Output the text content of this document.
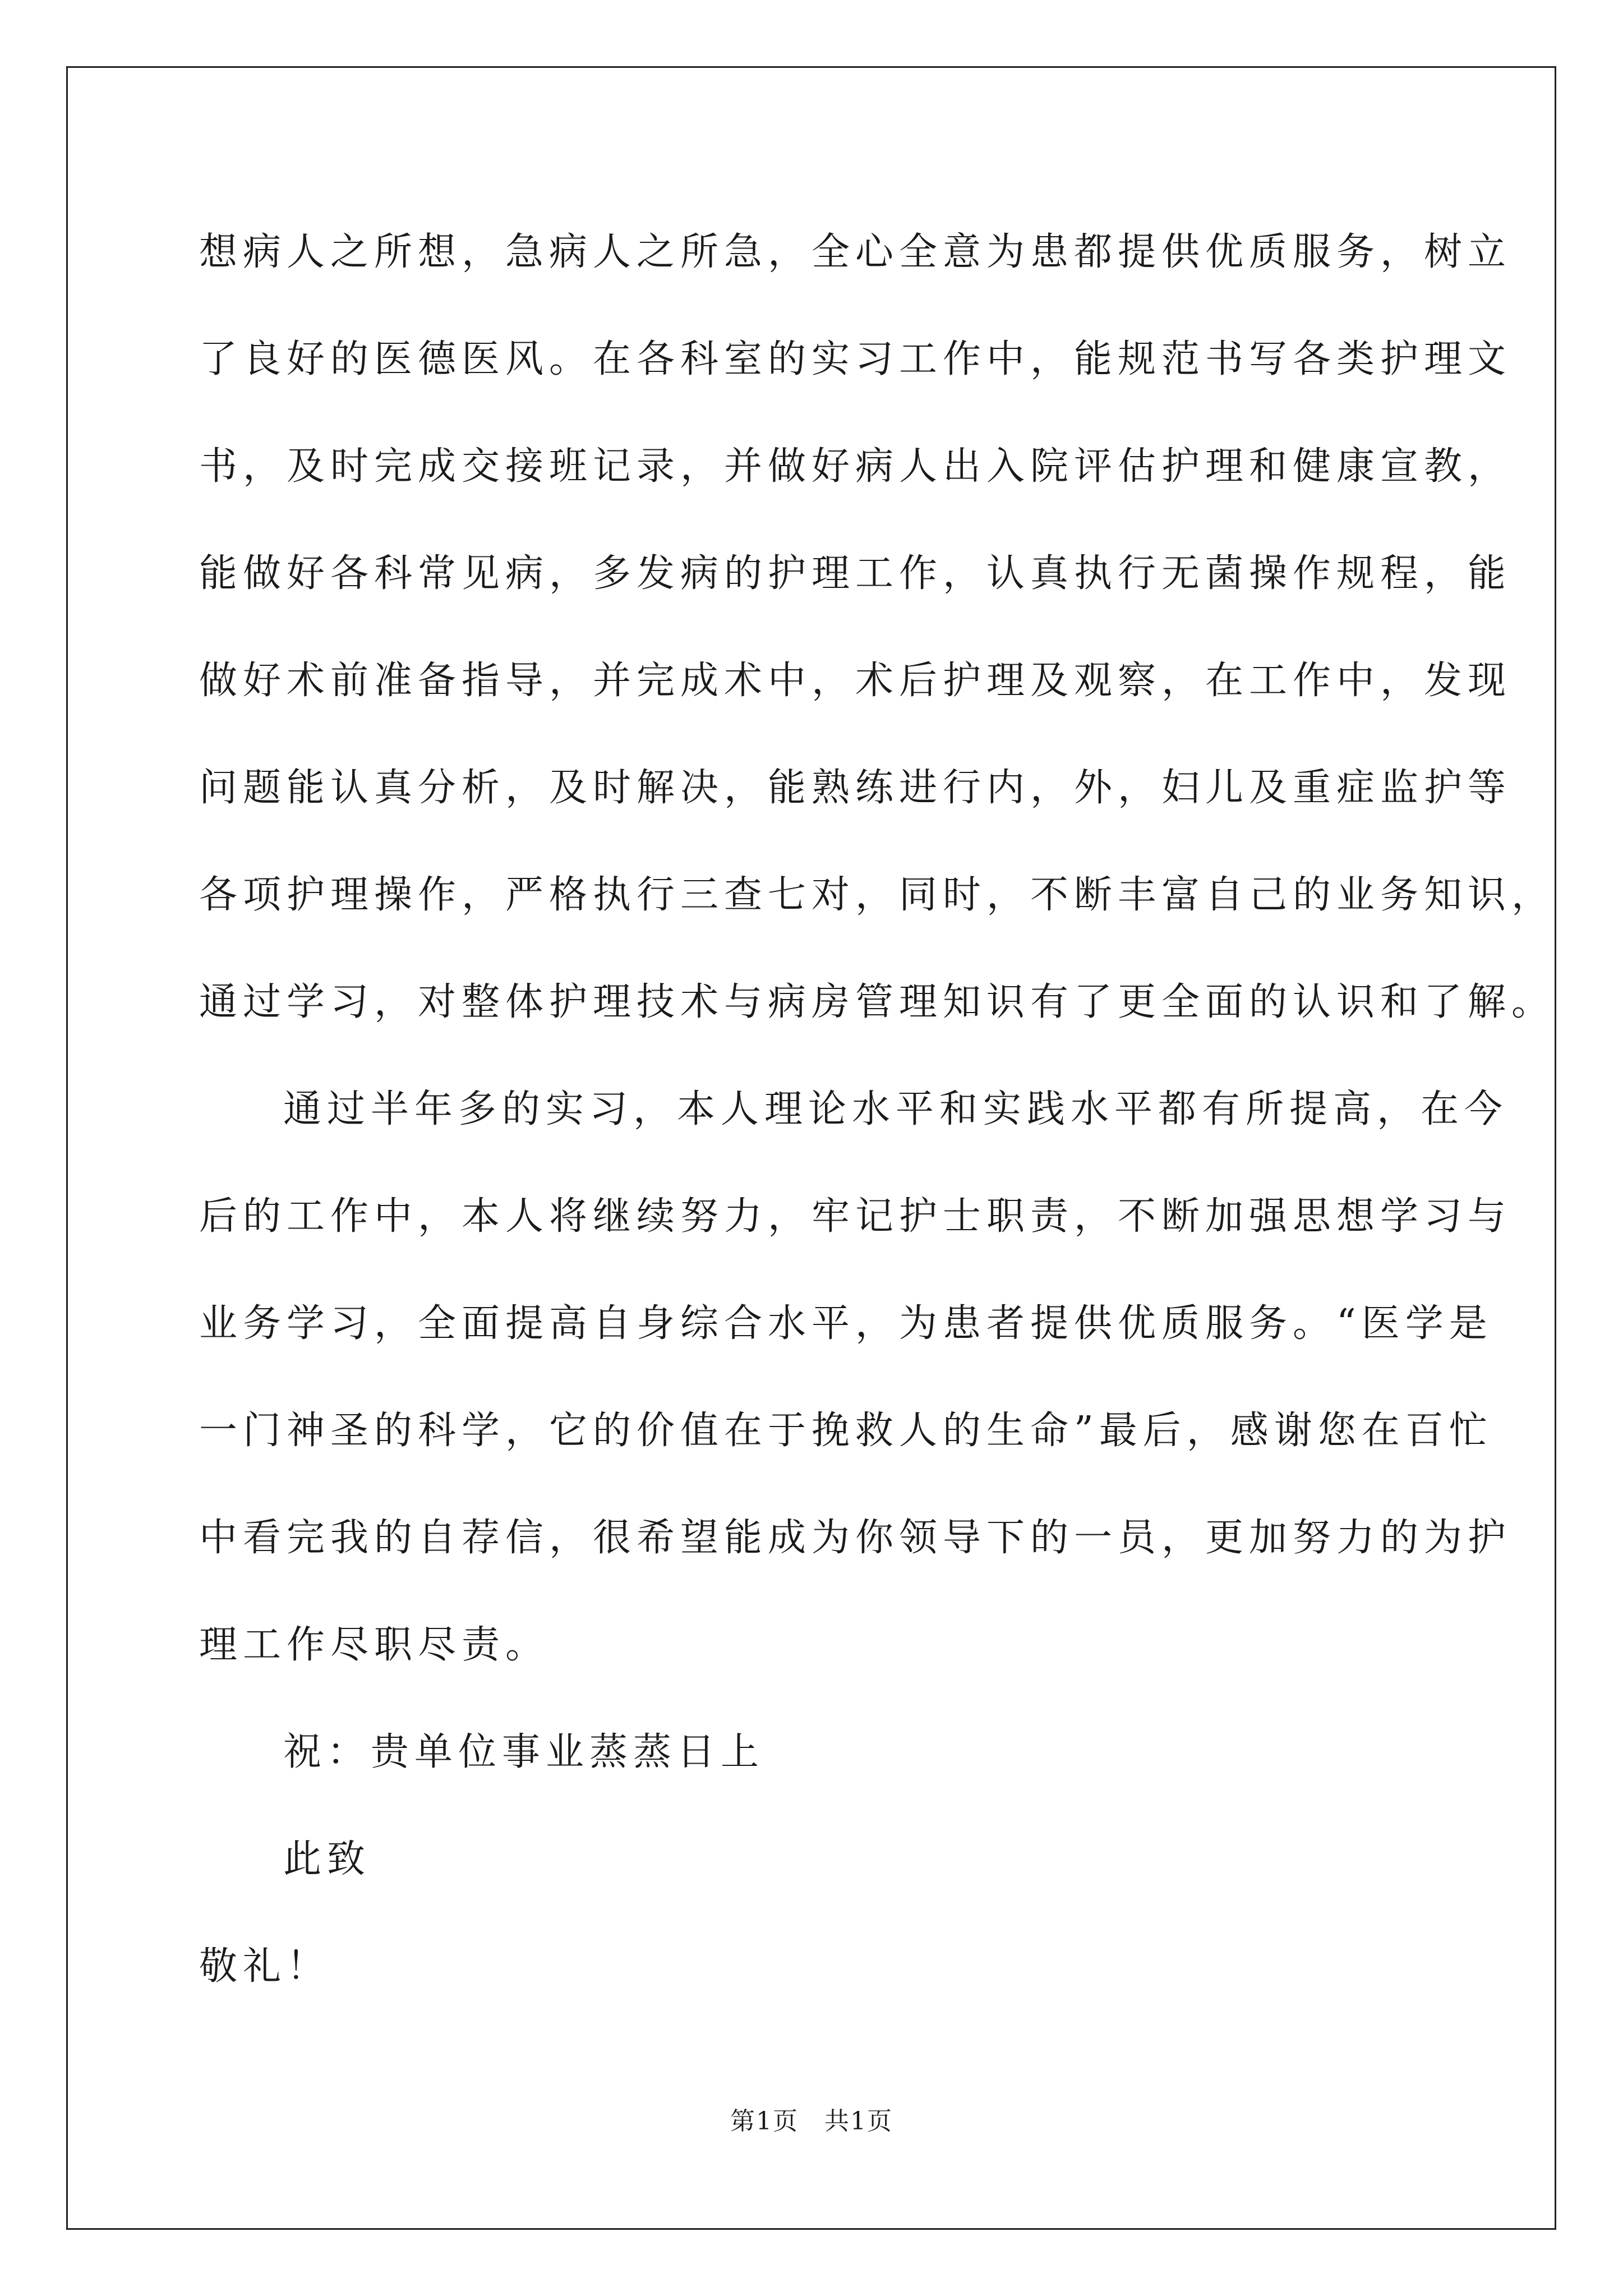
想病人之所想，急病人之所急，全心全意为患都提供优质服务，树立
了良好的医德医风。在各科室的实习工作中，能规范书写各类护理文
书，及时完成交接班记录，并做好病人出入院评估护理和健康宣教，
能做好各科常见病，多发病的护理工作，认真执行无菌操作规程，能
做好术前准备指导，并完成术中，术后护理及观察，在工作中，发现
问题能认真分析，及时解决，能熟练进行内，外，妇儿及重症监护等
各项护理操作，严格执行三查七对，同时，不断丰富自己的业务知识，
通过学习，对整体护理技术与病房管理知识有了更全面的认识和了解。
通过半年多的实习，本人理论水平和实践水平都有所提高，在今
后的工作中，本人将继续努力，牢记护士职责，不断加强思想学习与
业务学习，全面提高自身综合水平，为患者提供优质服务。“医学是
一门神圣的科学，它的价值在于挽救人的生命”最后，感谢您在百忙
中看完我的自荐信，很希望能成为你领导下的一员，更加努力的为护
理工作尽职尽责。
祝：贵单位事业蒸蒸日上
此致
敬礼！
第1页　共1页
